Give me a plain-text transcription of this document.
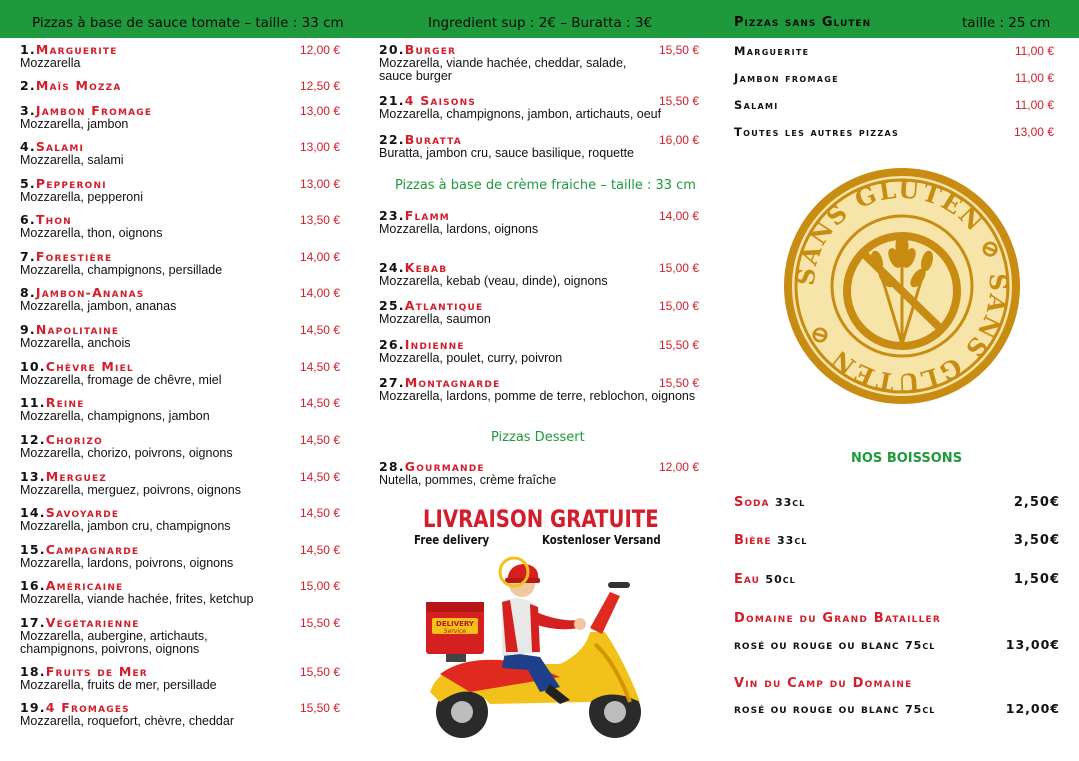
Pizzas à base de sauce tomate – taille : 33 cm	Ingredient sup : 2€ – Buratta : 3€	Pizzas sans Gluten	taille : 25 cm
1.Marguerite
Mozzarella
12,00 €
2.Maïs Mozza	12,50 €
3.Jambon Fromage
Mozzarella, jambon
13,00 €
4.Salami
Mozzarella, salami
13,00 €
5.Pepperoni
Mozzarella, pepperoni
13,00 €
6.Thon
Mozzarella, thon, oignons
13,50 €
7.Forestière
Mozzarella, champignons, persillade
14,00 €
8.Jambon-Ananas
Mozzarella, jambon, ananas
14,00 €
9.Napolitaine
Mozzarella, anchois
14,50 €
10.Chèvre Miel
Mozzarella, fromage de chêvre, miel
14,50 €
11.Reine
Mozzarella, champignons, jambon
14,50 €
12.Chorizo
Mozzarella, chorizo, poivrons, oignons
14,50 €
13.Merguez
Mozzarella, merguez, poivrons, oignons
14,50 €
14.Savoyarde
Mozzarella, jambon cru, champignons
14,50 €
15.Campagnarde
Mozzarella, lardons, poivrons, oignons
14,50 €
16.Américaine
Mozzarella, viande hachée, frites, ketchup
15,00 €
17.Végétarienne
Mozzarella, aubergine, artichauts, champignons, poivrons, oignons
15,50 €
18.Fruits de Mer
Mozzarella, fruits de mer, persillade
15,50 €
19.4 Fromages
Mozzarella, roquefort, chèvre, cheddar
15,50 €
20.Burger
Mozzarella, viande hachée, cheddar, salade, sauce burger
15,50 €
21.4 Saisons
Mozzarella, champignons, jambon, artichauts, oeuf
15,50 €
22.Buratta
Buratta, jambon cru, sauce basilique, roquette
16,00 €
Pizzas à base de crème fraiche – taille : 33 cm
23.Flamm
Mozzarella, lardons, oignons
14,00 €
24.Kebab
Mozzarella, kebab (veau, dinde), oignons
15,00 €
25.Atlantique
Mozzarella, saumon
15,00 €
26.Indienne
Mozzarella, poulet, curry, poivron
15,50 €
27.Montagnarde
Mozzarella, lardons, pomme de terre, reblochon, oignons
15,50 €
Pizzas Dessert
28.Gourmande
Nutella, pommes, crème fraîche
12,00 €
LIVRAISON GRATUITE
Free delivery	Kostenloser Versand
DELIVERY
Service
Marguerite	11,00 €
Jambon fromage	11,00 €
Salami	11,00 €
Toutes les autres pizzas	13,00 €
SANS GLUTEN ⊘ SANS GLUTEN ⊘
NOS BOISSONS
Soda 33cl	2,50€
Bière 33cl	3,50€
Eau 50cl	1,50€
Domaine du Grand Batailler
rosé ou rouge ou blanc 75cl	13,00€
Vin du Camp du Domaine
rosé ou rouge ou blanc 75cl	12,00€
